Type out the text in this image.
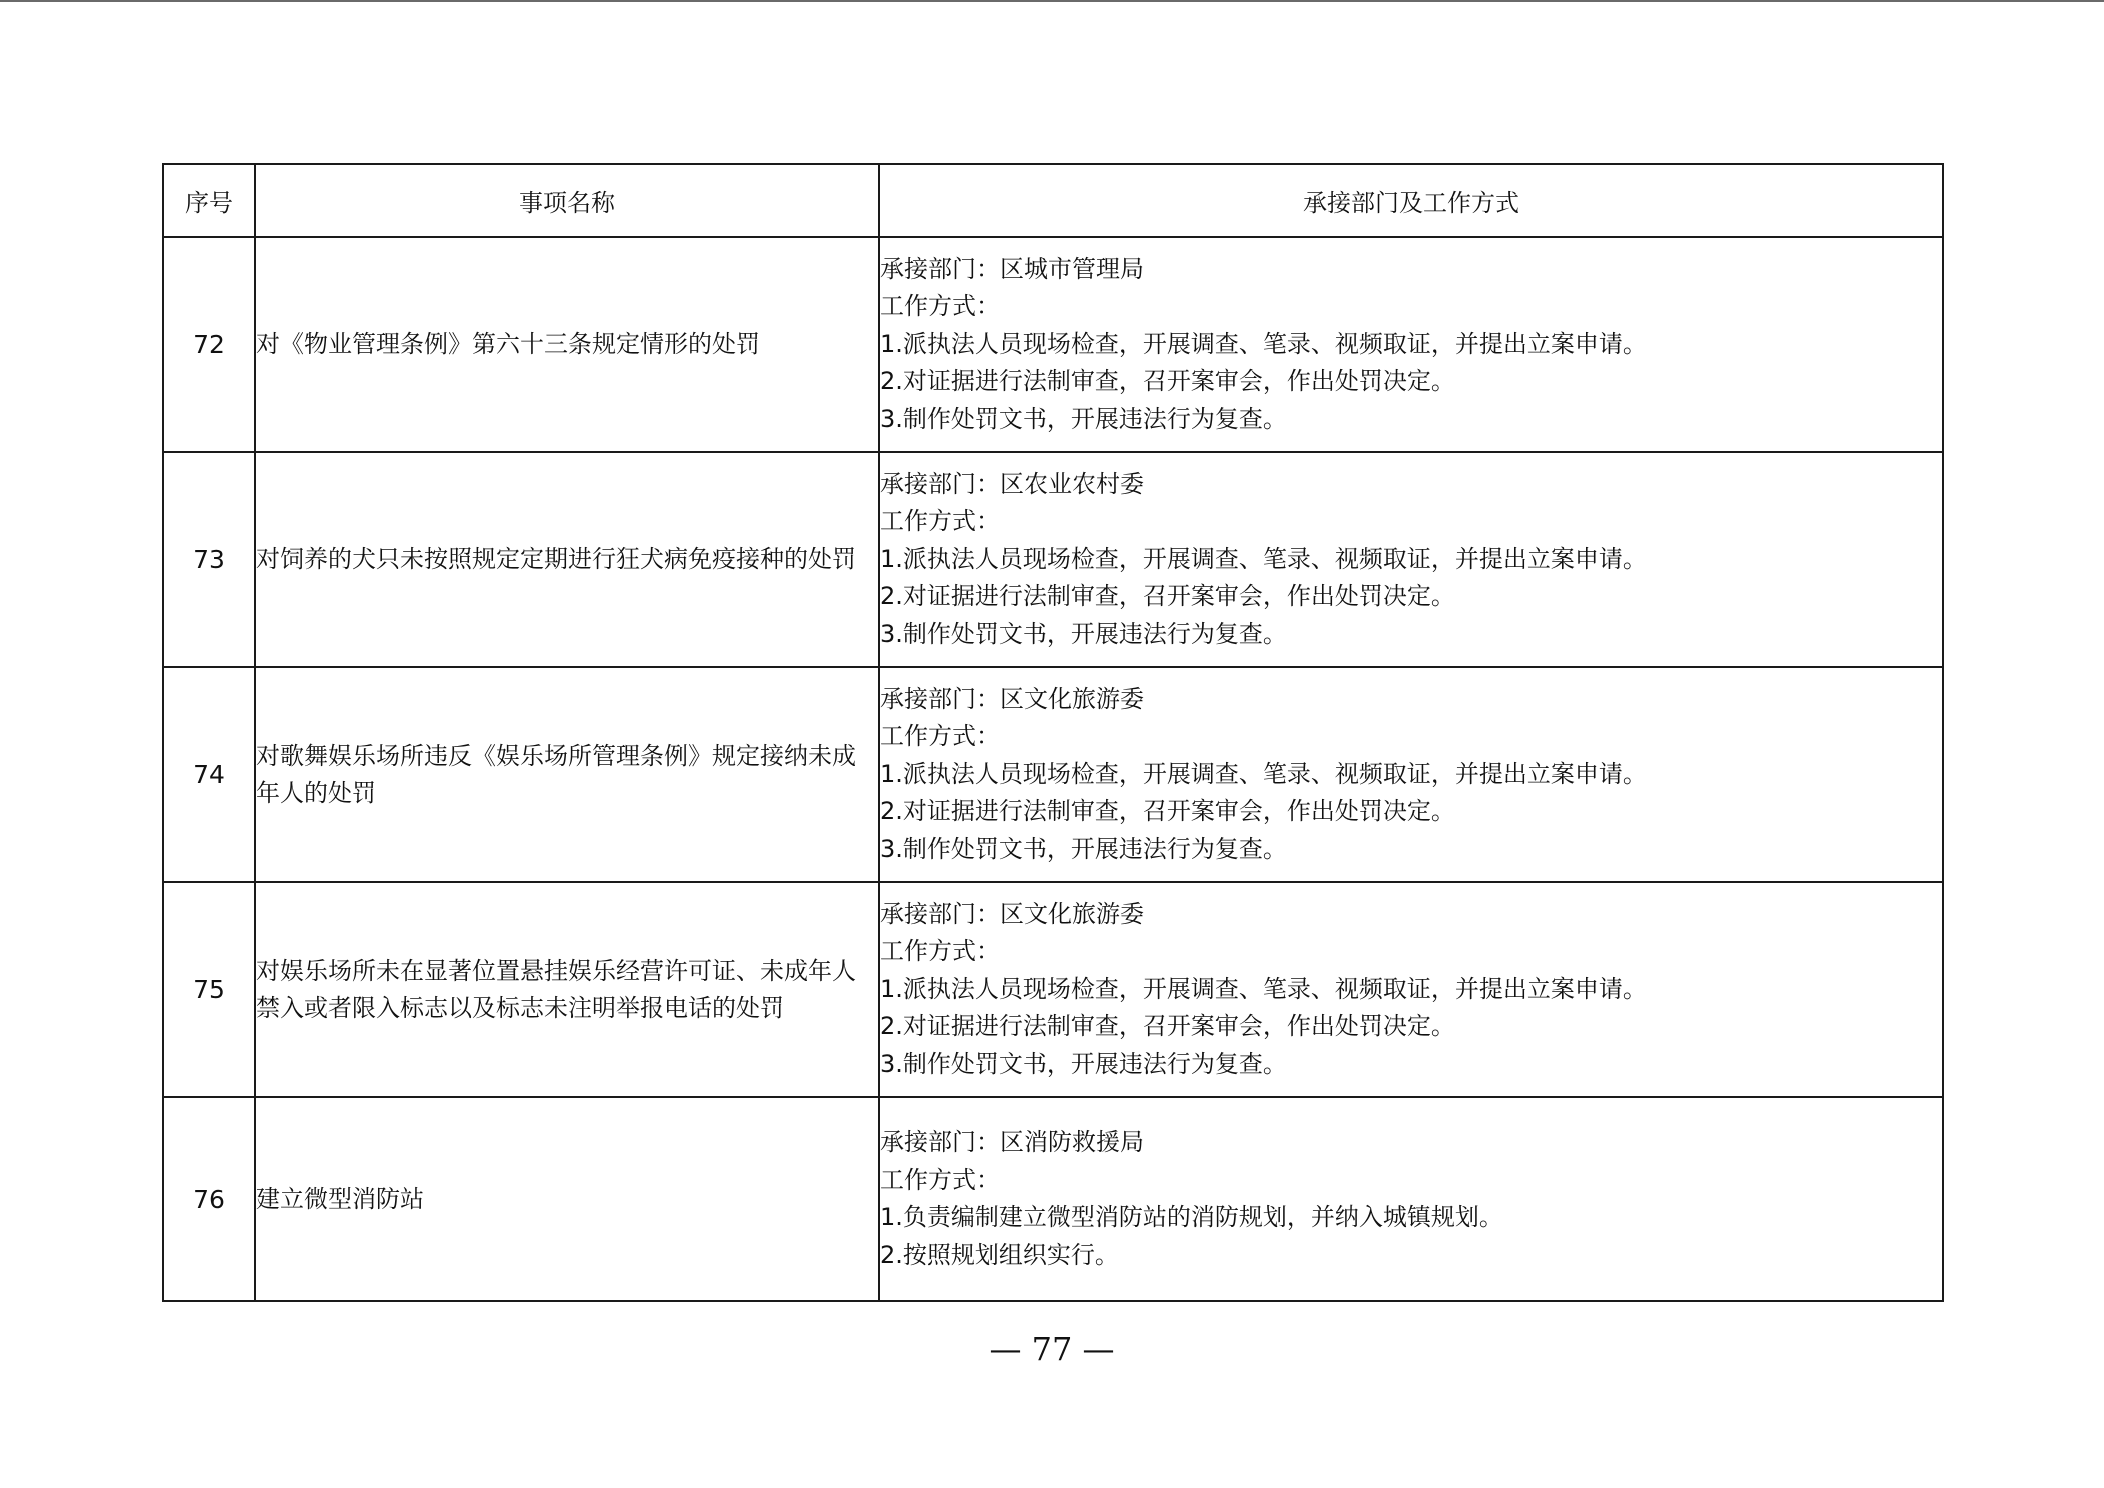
序号	事项名称	承接部门及工作方式
72	对《物业管理条例》第六十三条规定情形的处罚	承接部门：区城市管理局
工作方式：
1.派执法人员现场检查，开展调查、笔录、视频取证，并提出立案申请。
2.对证据进行法制审查，召开案审会，作出处罚决定。
3.制作处罚文书，开展违法行为复查。

73	对饲养的犬只未按照规定定期进行狂犬病免疫接种的处罚	承接部门：区农业农村委
工作方式：
1.派执法人员现场检查，开展调查、笔录、视频取证，并提出立案申请。
2.对证据进行法制审查，召开案审会，作出处罚决定。
3.制作处罚文书，开展违法行为复查。

74	对歌舞娱乐场所违反《娱乐场所管理条例》规定接纳未成年人的处罚	承接部门：区文化旅游委
工作方式：
1.派执法人员现场检查，开展调查、笔录、视频取证，并提出立案申请。
2.对证据进行法制审查，召开案审会，作出处罚决定。
3.制作处罚文书，开展违法行为复查。

75	对娱乐场所未在显著位置悬挂娱乐经营许可证、未成年人禁入或者限入标志以及标志未注明举报电话的处罚	承接部门：区文化旅游委
工作方式：
1.派执法人员现场检查，开展调查、笔录、视频取证，并提出立案申请。
2.对证据进行法制审查，召开案审会，作出处罚决定。
3.制作处罚文书，开展违法行为复查。

76	建立微型消防站	承接部门：区消防救援局
工作方式：
1.负责编制建立微型消防站的消防规划，并纳入城镇规划。
2.按照规划组织实行。
— 77 —
